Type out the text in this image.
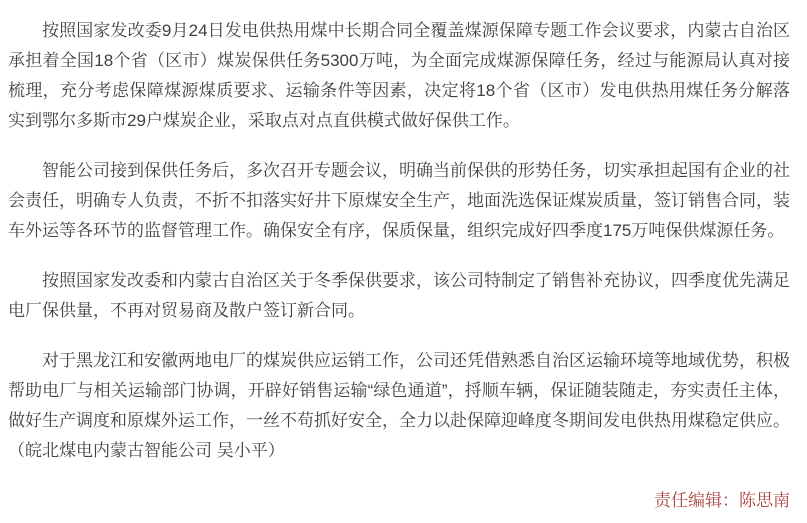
按照国家发改委9月24日发电供热用煤中长期合同全覆盖煤源保障专题工作会议要求，内蒙古自治区承担着全国18个省（区市）煤炭保供任务5300万吨，为全面完成煤源保障任务，经过与能源局认真对接梳理，充分考虑保障煤源煤质要求、运输条件等因素，决定将18个省（区市）发电供热用煤任务分解落实到鄂尔多斯市29户煤炭企业，采取点对点直供模式做好保供工作。

智能公司接到保供任务后，多次召开专题会议，明确当前保供的形势任务，切实承担起国有企业的社会责任，明确专人负责，不折不扣落实好井下原煤安全生产，地面洗选保证煤炭质量，签订销售合同，装车外运等各环节的监督管理工作。确保安全有序，保质保量，组织完成好四季度175万吨保供煤源任务。

按照国家发改委和内蒙古自治区关于冬季保供要求，该公司特制定了销售补充协议，四季度优先满足电厂保供量，不再对贸易商及散户签订新合同。

对于黑龙江和安徽两地电厂的煤炭供应运销工作，公司还凭借熟悉自治区运输环境等地域优势，积极帮助电厂与相关运输部门协调，开辟好销售运输“绿色通道”，捋顺车辆，保证随装随走，夯实责任主体，做好生产调度和原煤外运工作，一丝不苟抓好安全，全力以赴保障迎峰度冬期间发电供热用煤稳定供应。（皖北煤电内蒙古智能公司 吴小平）

责任编辑：陈思南
